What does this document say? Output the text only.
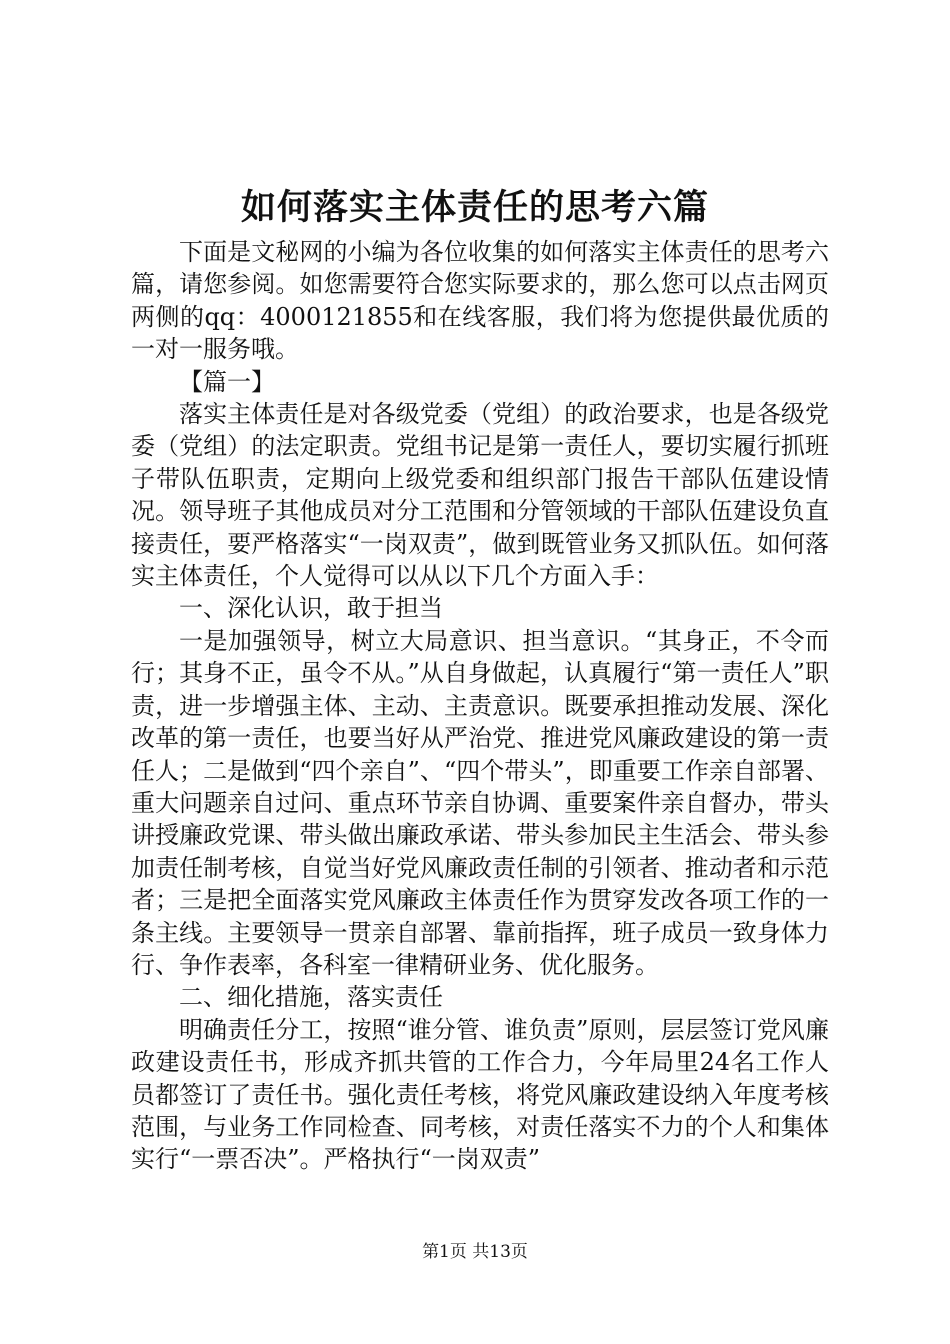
如何落实主体责任的思考六篇

下面是文秘网的小编为各位收集的如何落实主体责任的思考六篇，请您参阅。如您需要符合您实际要求的，那么您可以点击网页两侧的qq：4000121855和在线客服，我们将为您提供最优质的一对一服务哦。

【篇一】

落实主体责任是对各级党委（党组）的政治要求，也是各级党委（党组）的法定职责。党组书记是第一责任人，要切实履行抓班子带队伍职责，定期向上级党委和组织部门报告干部队伍建设情况。领导班子其他成员对分工范围和分管领域的干部队伍建设负直接责任，要严格落实“一岗双责”，做到既管业务又抓队伍。如何落实主体责任，个人觉得可以从以下几个方面入手：

一、深化认识，敢于担当

一是加强领导，树立大局意识、担当意识。“其身正，不令而行；其身不正，虽令不从。”从自身做起，认真履行“第一责任人”职责，进一步增强主体、主动、主责意识。既要承担推动发展、深化改革的第一责任，也要当好从严治党、推进党风廉政建设的第一责任人；二是做到“四个亲自”、“四个带头”，即重要工作亲自部署、重大问题亲自过问、重点环节亲自协调、重要案件亲自督办，带头讲授廉政党课、带头做出廉政承诺、带头参加民主生活会、带头参加责任制考核，自觉当好党风廉政责任制的引领者、推动者和示范者；三是把全面落实党风廉政主体责任作为贯穿发改各项工作的一条主线。主要领导一贯亲自部署、靠前指挥，班子成员一致身体力行、争作表率，各科室一律精研业务、优化服务。

二、细化措施，落实责任

明确责任分工，按照“谁分管、谁负责”原则，层层签订党风廉政建设责任书，形成齐抓共管的工作合力，今年局里24名工作人员都签订了责任书。强化责任考核，将党风廉政建设纳入年度考核范围，与业务工作同检查、同考核，对责任落实不力的个人和集体实行“一票否决”。严格执行“一岗双责”

第1页 共13页
